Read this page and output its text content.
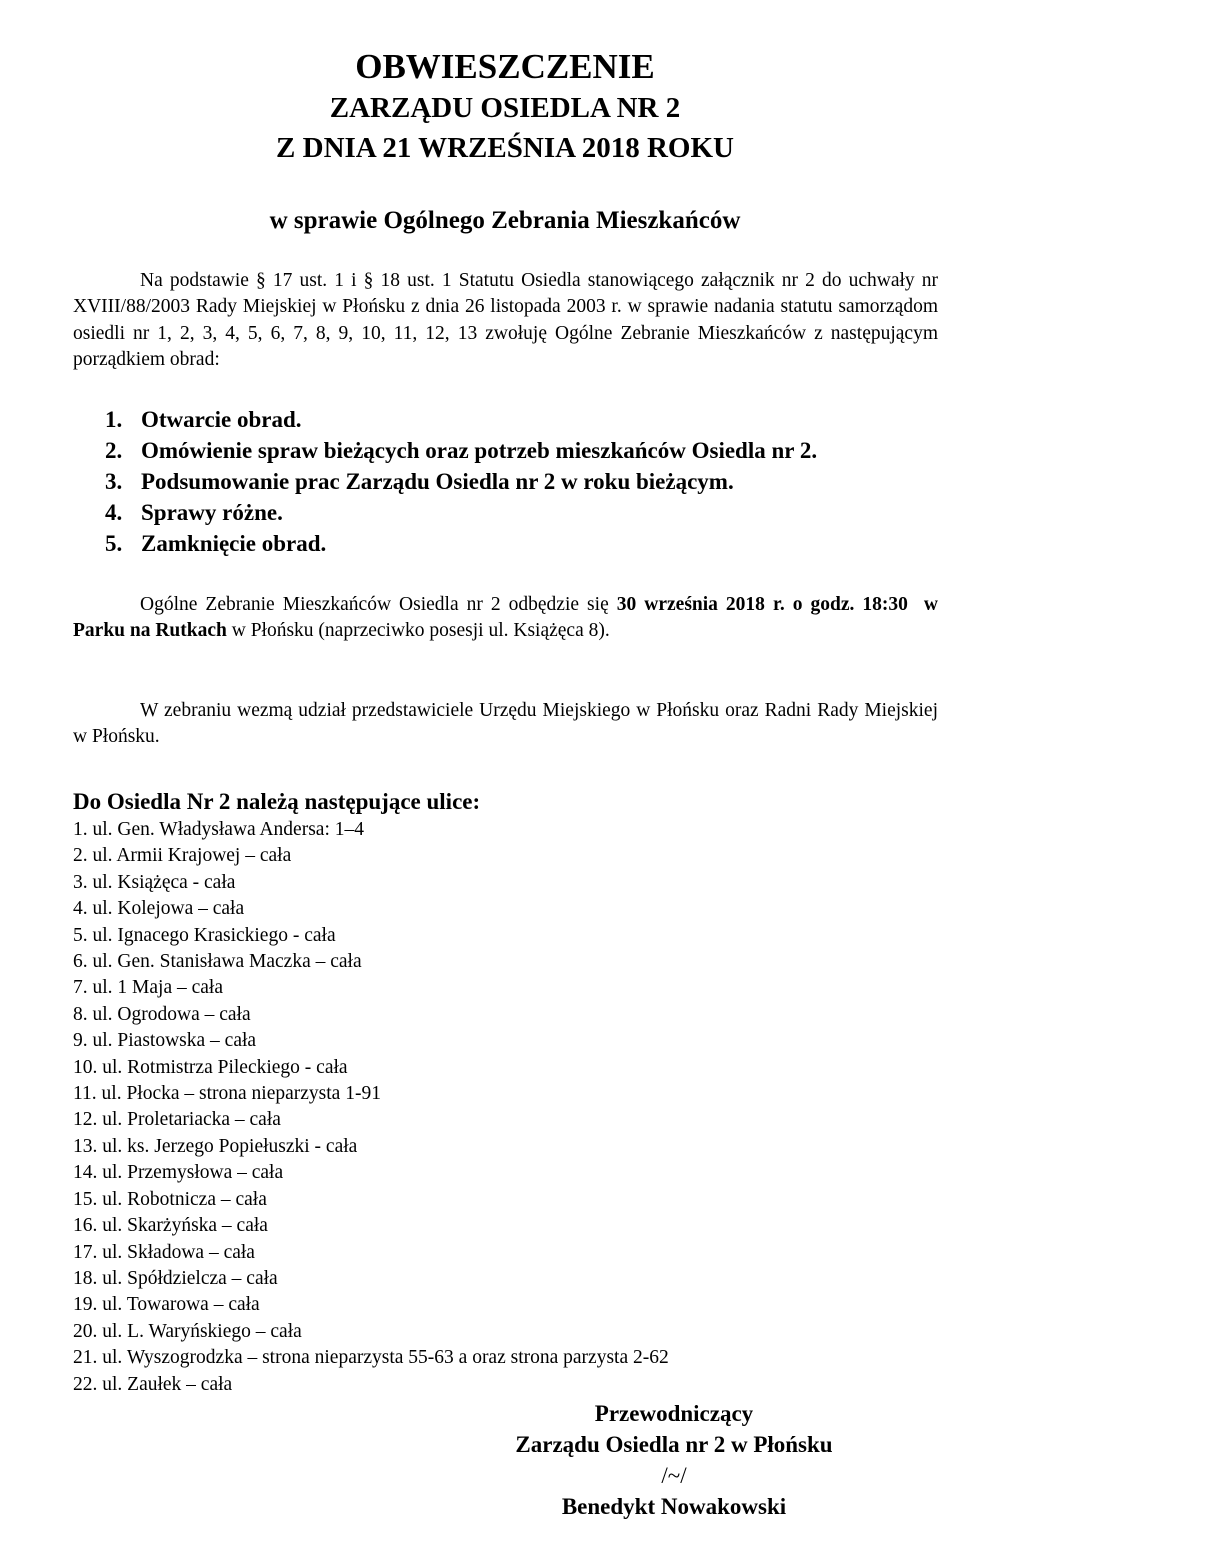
OBWIESZCZENIE
ZARZĄDU OSIEDLA NR 2
Z DNIA 21 WRZEŚNIA 2018 ROKU
w sprawie Ogólnego Zebrania Mieszkańców

Na podstawie § 17 ust. 1 i § 18 ust. 1 Statutu Osiedla stanowiącego załącznik nr 2 do uchwały nr XVIII/88/2003 Rady Miejskiej w Płońsku z dnia 26 listopada 2003 r. w sprawie nadania statutu samorządom osiedli nr 1, 2, 3, 4, 5, 6, 7, 8, 9, 10, 11, 12, 13 zwołuję Ogólne Zebranie Mieszkańców z następującym porządkiem obrad:

1. Otwarcie obrad.
2. Omówienie spraw bieżących oraz potrzeb mieszkańców Osiedla nr 2.
3. Podsumowanie prac Zarządu Osiedla nr 2 w roku bieżącym.
4. Sprawy różne.
5. Zamknięcie obrad.

Ogólne Zebranie Mieszkańców Osiedla nr 2 odbędzie się 30 września 2018 r. o godz. 18:30 w Parku na Rutkach w Płońsku (naprzeciwko posesji ul. Książęca 8).

W zebraniu wezmą udział przedstawiciele Urzędu Miejskiego w Płońsku oraz Radni Rady Miejskiej w Płońsku.

Do Osiedla Nr 2 należą następujące ulice:
1. ul. Gen. Władysława Andersa: 1–4
2. ul. Armii Krajowej – cała
3. ul. Książęca - cała
4. ul. Kolejowa – cała
5. ul. Ignacego Krasickiego - cała
6. ul. Gen. Stanisława Maczka – cała
7. ul. 1 Maja – cała
8. ul. Ogrodowa – cała
9. ul. Piastowska – cała
10. ul. Rotmistrza Pileckiego - cała
11. ul. Płocka – strona nieparzysta 1-91
12. ul. Proletariacka – cała
13. ul. ks. Jerzego Popiełuszki - cała
14. ul. Przemysłowa – cała
15. ul. Robotnicza – cała
16. ul. Skarżyńska – cała
17. ul. Składowa – cała
18. ul. Spółdzielcza – cała
19. ul. Towarowa – cała
20. ul. L. Waryńskiego – cała
21. ul. Wyszogrodzka – strona nieparzysta 55-63 a oraz strona parzysta 2-62
22. ul. Zaułek – cała
Przewodniczący
Zarządu Osiedla nr 2 w Płońsku
/~/
Benedykt Nowakowski
